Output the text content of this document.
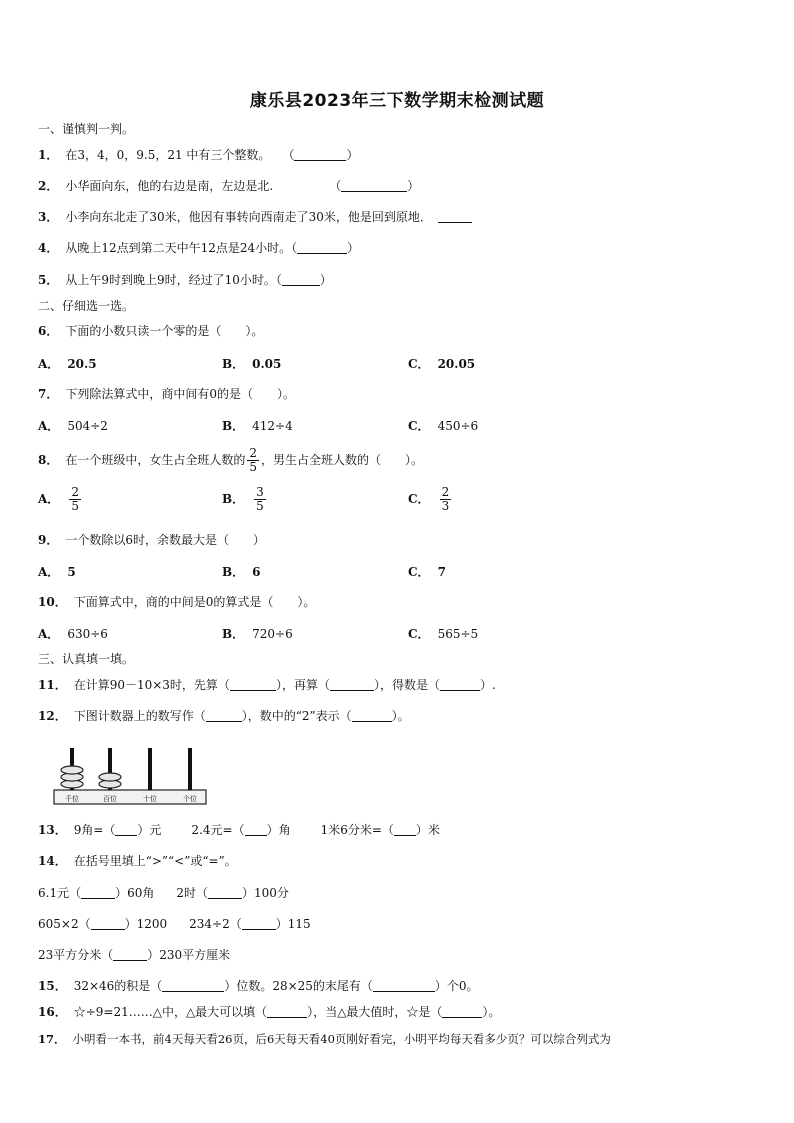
康乐县2023年三下数学期末检测试题
一、谨慎判一判。
1． 在3，4，0，9.5，21 中有三个整数。 （	）
2． 小华面向东，他的右边是南，左边是北.	（	）
3． 小李向东北走了30米，他因有事转向西南走了30米，他是回到原地．
4． 从晚上12点到第二天中午12点是24小时。（	）
5． 从上午9时到晚上9时，经过了10小时。（	）
二、仔细选一选。
6． 下面的小数只读一个零的是（　　）。
A． 20.5	B． 0.05	C． 20.05
7． 下列除法算式中，商中间有0的是（　　）。
A． 504÷2	B． 412÷4	C． 450÷6
8． 在一个班级中，女生占全班人数的 $\frac{2}{5}$ ，男生占全班人数的（　　）。
A． $\frac{2}{5}$	B． $\frac{3}{5}$	C． $\frac{2}{3}$
9． 一个数除以6时，余数最大是（　　）
A． 5	B． 6	C． 7
10． 下面算式中，商的中间是0的算式是（　　）。
A． 630÷6	B． 720÷6	C． 565÷5
三、认真填一填。
11． 在计算90－10×3时，先算（	），再算（	），得数是（	）.
12． 下图计数器上的数写作（	），数中的“2”表示（	）。
千位	百位	十位	个位
13． 9角=（ ）元	2.4元=（ ）角	1米6分米=（ ）米
14． 在括号里填上“>”“<”或“=”。
6.1元（	）60角 2时（	）100分
605×2（	）1200 234÷2（	）115
23平方分米（	）230平方厘米
15． 32×46的积是（	）位数。28×25的末尾有（	）个0。
16． ☆÷9=21……△中，△最大可以填（	），当△最大值时，☆是（	）。
17． 小明看一本书，前4天每天看26页，后6天每天看40页刚好看完，小明平均每天看多少页？可以综合列式为
